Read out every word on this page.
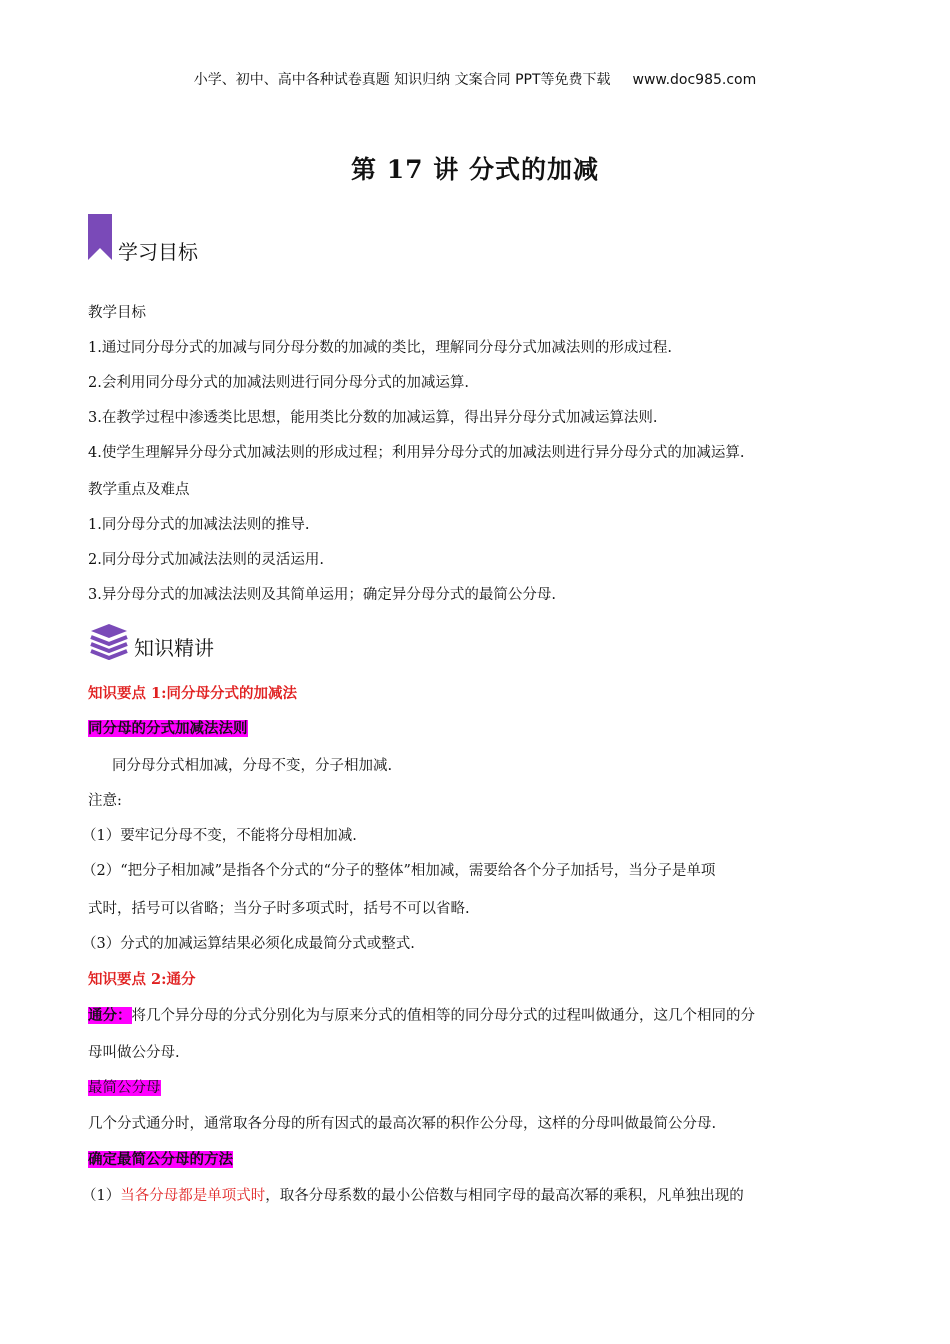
小学、初中、高中各种试卷真题 知识归纳 文案合同 PPT等免费下载 www.doc985.com
第 17 讲 分式的加减
学习目标
教学目标
1.通过同分母分式的加减与同分母分数的加减的类比，理解同分母分式加减法则的形成过程.
2.会利用同分母分式的加减法则进行同分母分式的加减运算.
3.在教学过程中渗透类比思想，能用类比分数的加减运算，得出异分母分式加减运算法则.
4.使学生理解异分母分式加减法则的形成过程；利用异分母分式的加减法则进行异分母分式的加减运算.
教学重点及难点
1.同分母分式的加减法法则的推导.
2.同分母分式加减法法则的灵活运用.
3.异分母分式的加减法法则及其简单运用；确定异分母分式的最简公分母.
知识精讲
知识要点 1:同分母分式的加减法
同分母的分式加减法法则
同分母分式相加减，分母不变，分子相加减.
注意:
（1）要牢记分母不变，不能将分母相加减.
（2）“把分子相加减”是指各个分式的“分子的整体”相加减，需要给各个分子加括号，当分子是单项
式时，括号可以省略；当分子时多项式时，括号不可以省略.
（3）分式的加减运算结果必须化成最简分式或整式.
知识要点 2:通分
通分：将几个异分母的分式分别化为与原来分式的值相等的同分母分式的过程叫做通分，这几个相同的分
母叫做公分母.
最简公分母
几个分式通分时，通常取各分母的所有因式的最高次幂的积作公分母，这样的分母叫做最简公分母.
确定最简公分母的方法
（1）当各分母都是单项式时，取各分母系数的最小公倍数与相同字母的最高次幂的乘积，凡单独出现的
